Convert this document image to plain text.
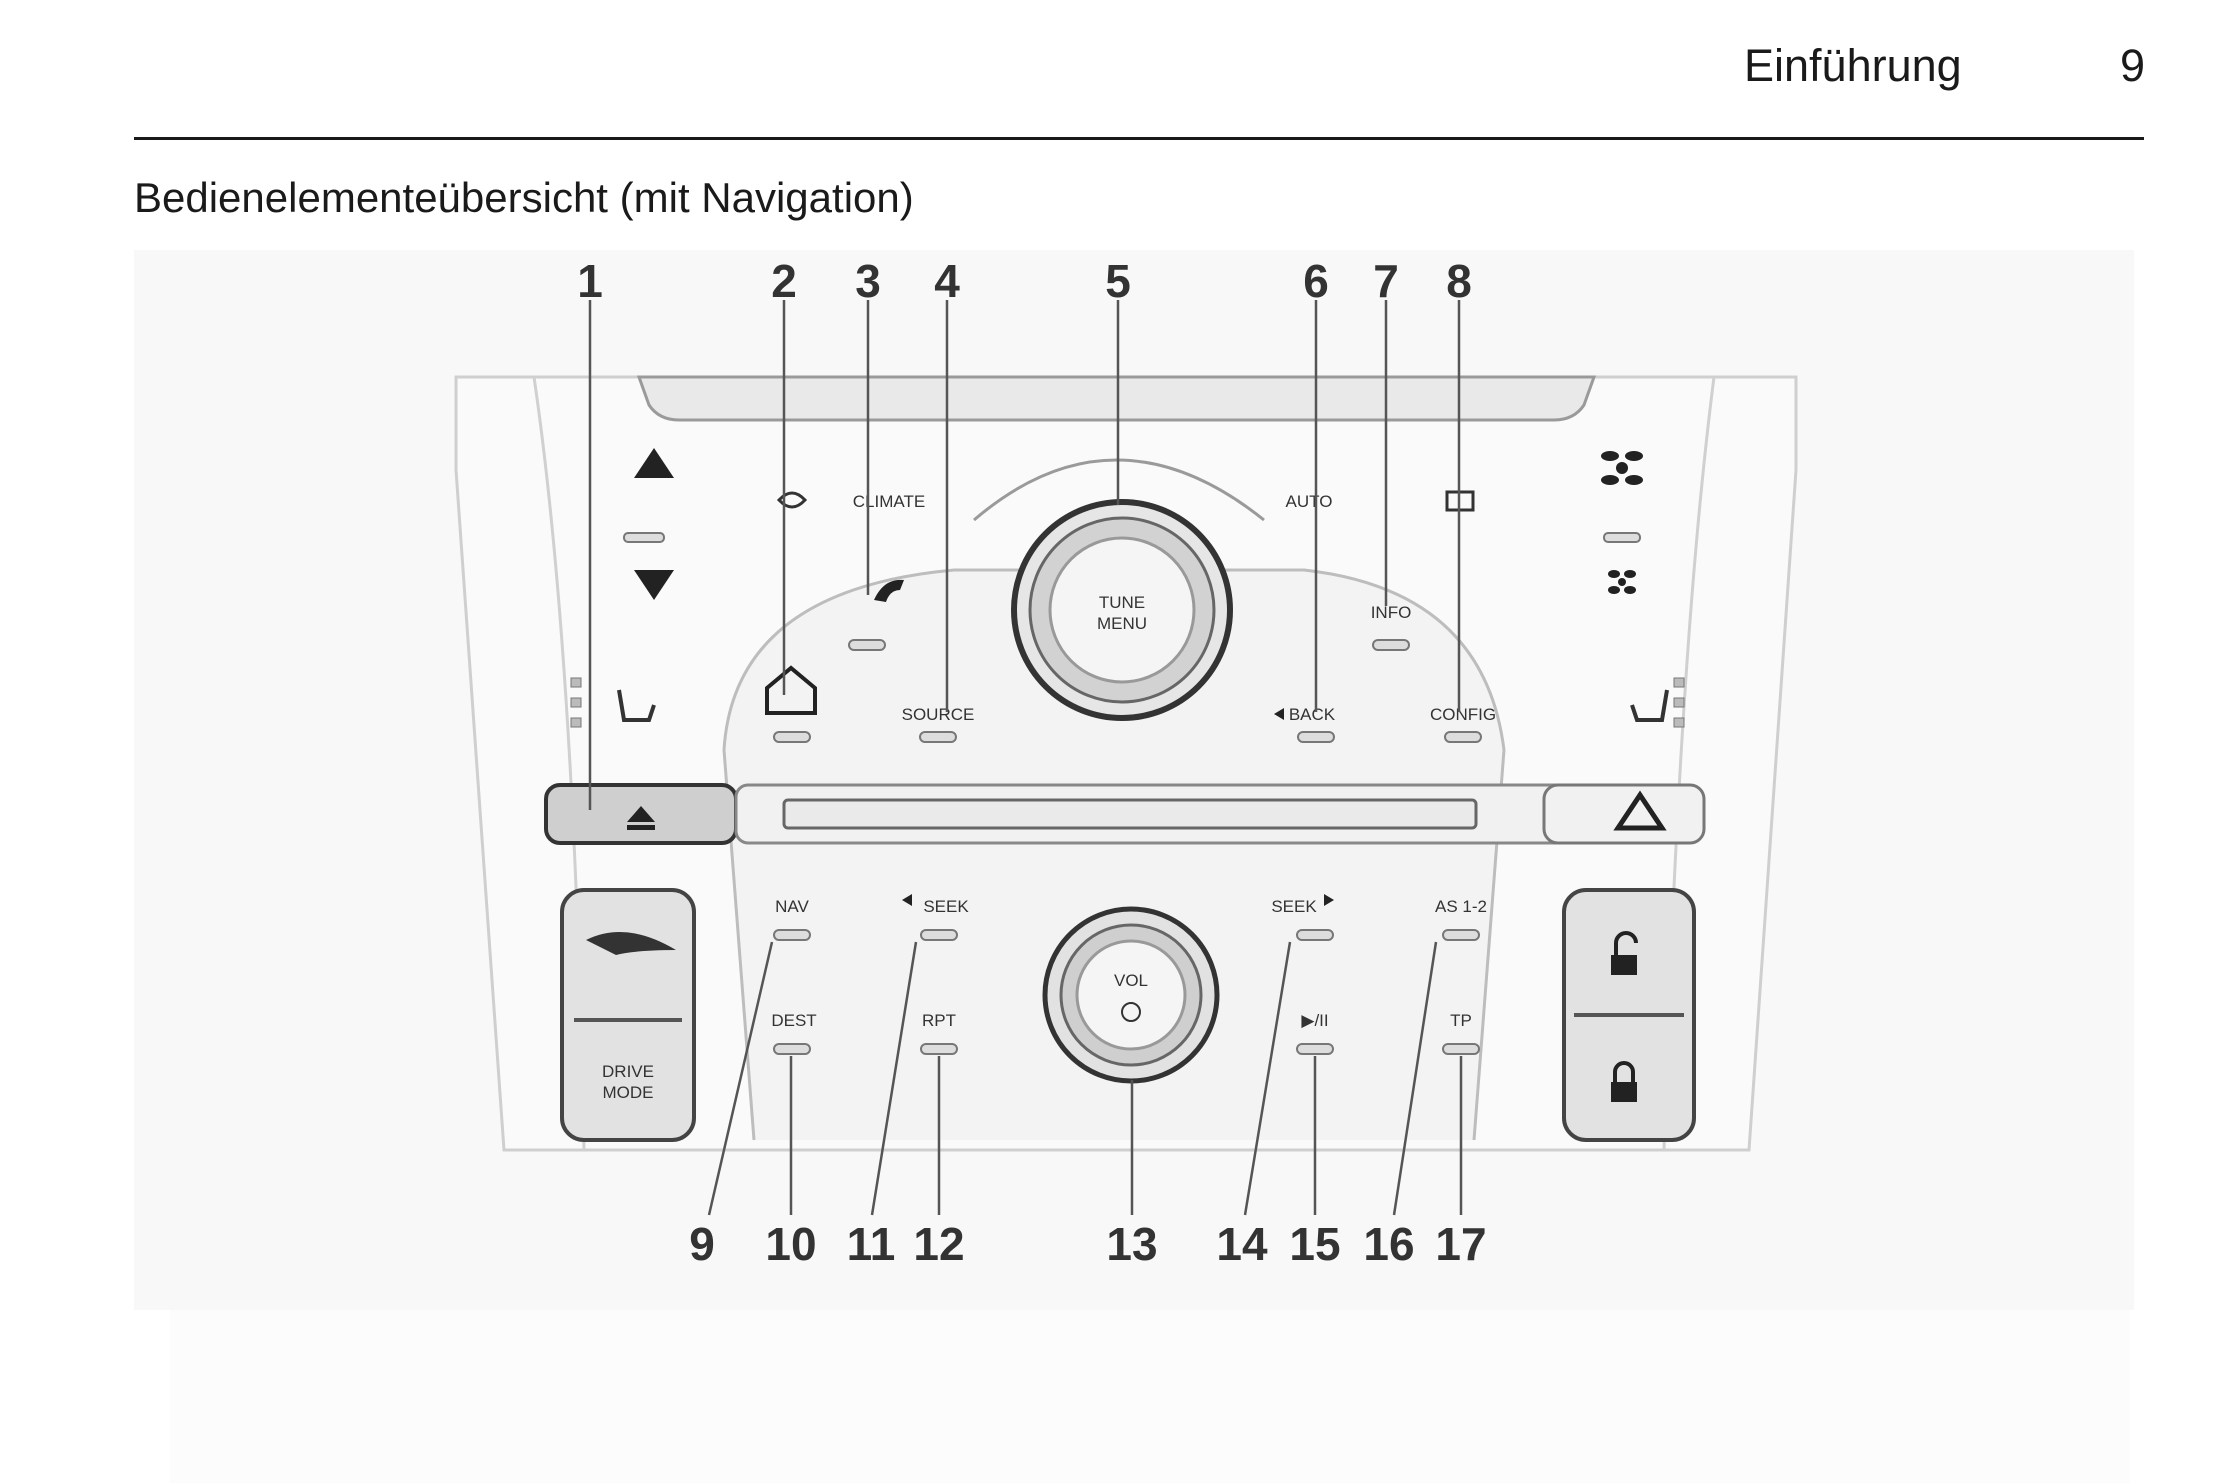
Einführung	9
Bedienelementeübersicht (mit Navigation)
CLIMATE	AUTO
TUNE
MENU
INFO
SOURCE	BACK	CONFIG
DRIVE
MODE
NAV	SEEK	SEEK	AS 1-2
VOL
DEST	RPT	▶/II	TP
1	2 3 4	5	6 7 8
9 10 11 12	13 14 15 16 17
